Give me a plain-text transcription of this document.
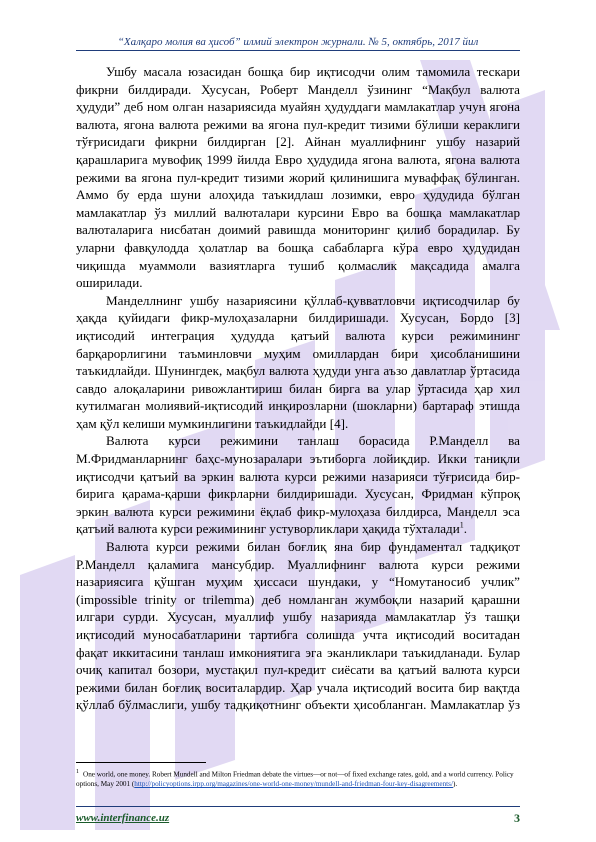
“Халқаро молия ва ҳисоб” илмий электрон журнали. № 5, октябрь, 2017 йил

Ушбу масала юзасидан бошқа бир иқтисодчи олим тамомила тескари фикрни билдиради. Хусусан, Роберт Манделл ўзининг “Мақбул валюта ҳудуди” деб ном олган назариясида муайян ҳудуддаги мамлакатлар учун ягона валюта, ягона валюта режими ва ягона пул-кредит тизими бўлиши кераклиги тўғрисидаги фикрни билдирган [2]. Айнан муаллифнинг ушбу назарий қарашларига мувофиқ 1999 йилда Евро ҳудудида ягона валюта, ягона валюта режими ва ягона пул-кредит тизими жорий қилинишига муваффақ бўлинган. Аммо бу ерда шуни алоҳида таъкидлаш лозимки, евро ҳудудида бўлган мамлакатлар ўз миллий валюталари курсини Евро ва бошқа мамлакатлар валюталарига нисбатан доимий равишда мониторинг қилиб борадилар. Бу уларни фавқулодда ҳолатлар ва бошқа сабабларга кўра евро ҳудудидан чиқишда муаммоли вазиятларга тушиб қолмаслик мақсадида амалга оширилади.

Манделлнинг ушбу назариясини қўллаб-қувватловчи иқтисодчилар бу ҳақда қуйидаги фикр-мулоҳазаларни билдиришади. Хусусан, Бордо [3] иқтисодий интеграция ҳудудда қатъий валюта курси режимининг барқарорлигини таъминловчи муҳим омиллардан бири ҳисобланишини таъкидлайди. Шунингдек, мақбул валюта ҳудуди унга аъзо давлатлар ўртасида савдо алоқаларини ривожлантириш билан бирга ва улар ўртасида ҳар хил кутилмаган молиявий-иқтисодий инқирозларни (шокларни) бартараф этишда ҳам қўл келиши мумкинлигини таъкидлайди [4].

Валюта курси режимини танлаш борасида Р.Манделл ва М.Фридманларнинг баҳс-мунозаралари эътиборга лойиқдир. Икки таниқли иқтисодчи қатъий ва эркин валюта курси режими назарияси тўғрисида бир-бирига қарама-қарши фикрларни билдиришади. Хусусан, Фридман кўпроқ эркин валюта курси режимини ёқлаб фикр-мулоҳаза билдирса, Манделл эса қатъий валюта курси режимининг устуворликлари ҳақида тўхталади$^1$.

Валюта курси режими билан боғлиқ яна бир фундаментал тадқиқот Р.Манделл қаламига мансубдир. Муаллифнинг валюта курси режими назариясига қўшган муҳим ҳиссаси шундаки, у “Номутаносиб учлик” (impossible trinity or trilemma) деб номланган жумбоқли назарий қарашни илгари сурди. Хусусан, муаллиф ушбу назарияда мамлакатлар ўз ташқи иқтисодий муносабатларини тартибга солишда учта иқтисодий воситадан фақат иккитасини танлаш имкониятига эга эканликлари таъкидланади. Булар очиқ капитал бозори, мустақил пул-кредит сиёсати ва қатъий валюта курси режими билан боғлиқ воситалардир. Ҳар учала иқтисодий восита бир вақтда қўллаб бўлмаслиги, ушбу тадқиқотнинг объекти ҳисобланган. Мамлакатлар ўз

$^1$ One world, one money. Robert Mundell and Milton Friedman debate the virtues—or not—of fixed exchange rates, gold, and a world currency. Policy options, May 2001 (http://policyoptions.irpp.org/magazines/one-world-one-money/mundell-and-friedman-four-key-disagreements/).
www.interfinance.uz	3
